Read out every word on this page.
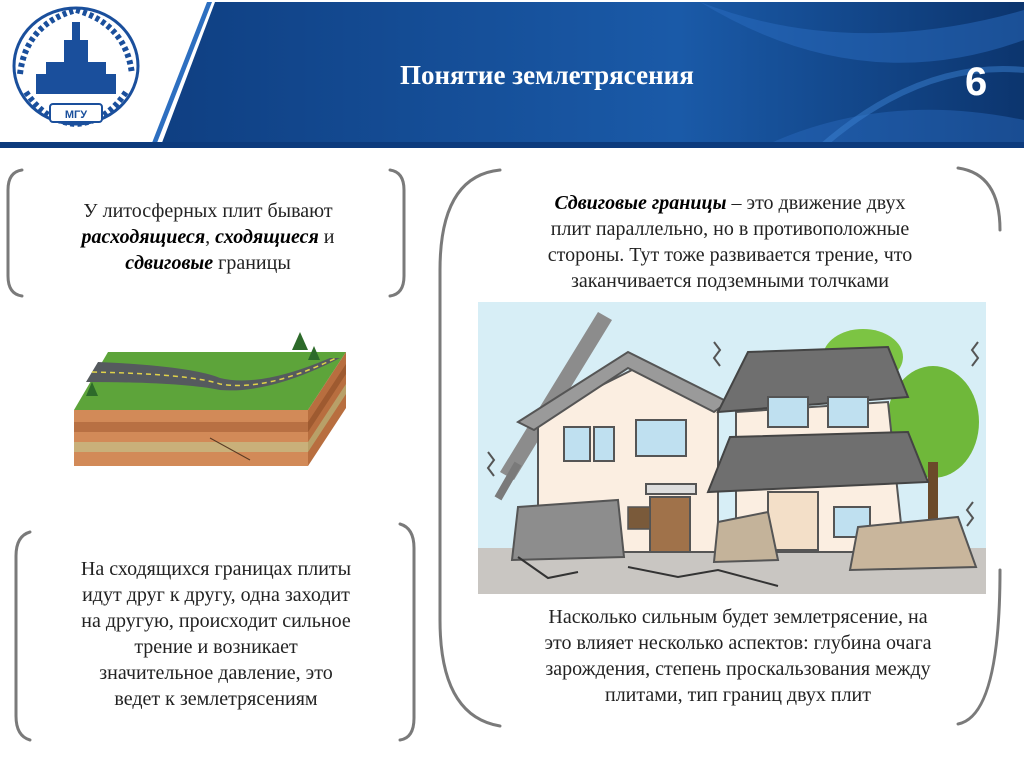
МГУ
Понятие землетрясения	6
У литосферных плит бывают
расходящиеся, сходящиеся и
сдвиговые границы
На сходящихся границах плиты
идут друг к другу, одна заходит
на другую, происходит сильное
трение и возникает
значительное давление, это
ведет к землетрясениям
Сдвиговые границы – это движение двух
плит параллельно, но в противоположные
стороны. Тут тоже развивается трение, что
заканчивается подземными толчками
Насколько сильным будет землетрясение, на
это влияет несколько аспектов: глубина очага
зарождения, степень проскальзования между
плитами, тип границ двух плит
